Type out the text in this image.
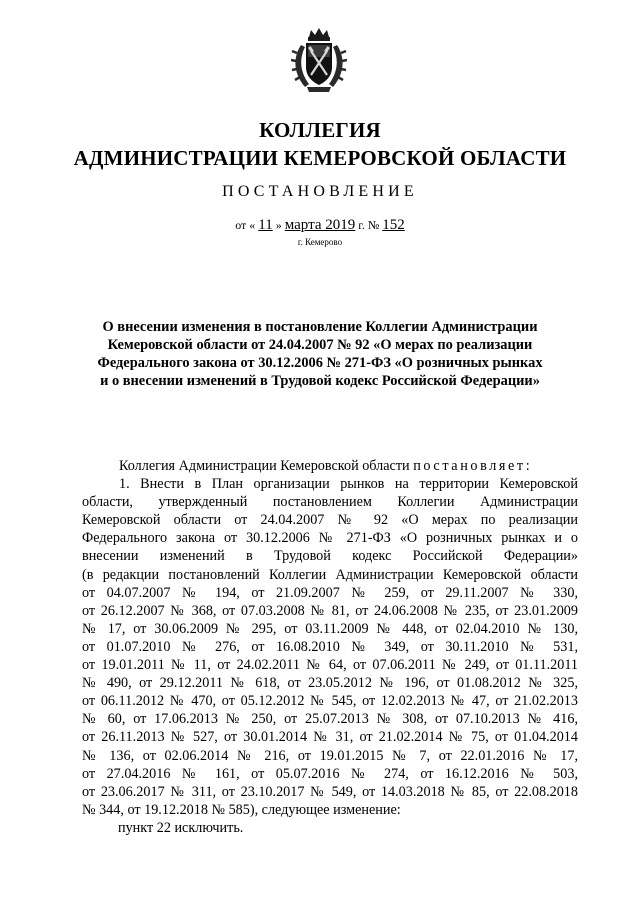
КОЛЛЕГИЯ
АДМИНИСТРАЦИИ КЕМЕРОВСКОЙ ОБЛАСТИ
ПОСТАНОВЛЕНИЕ
от « 11 » марта 2019 г. № 152
г. Кемерово
О внесении изменения в постановление Коллегии Администрации
Кемеровской области от 24.04.2007 № 92 «О мерах по реализации
Федерального закона от 30.12.2006 № 271-ФЗ «О розничных рынках
и о внесении изменений в Трудовой кодекс Российской Федерации»
Коллегия Администрации Кемеровской области постановляет:
1. Внести в План организации рынков на территории Кемеровской
области, утвержденный постановлением Коллегии Администрации
Кемеровской области от 24.04.2007 № 92 «О мерах по реализации
Федерального закона от 30.12.2006 № 271-ФЗ «О розничных рынках и о
внесении изменений в Трудовой кодекс Российской Федерации»
(в редакции постановлений Коллегии Администрации Кемеровской области
от 04.07.2007 № 194, от 21.09.2007 № 259, от 29.11.2007 № 330,
от 26.12.2007 № 368, от 07.03.2008 № 81, от 24.06.2008 № 235, от 23.01.2009
№ 17, от 30.06.2009 № 295, от 03.11.2009 № 448, от 02.04.2010 № 130,
от 01.07.2010 № 276, от 16.08.2010 № 349, от 30.11.2010 № 531,
от 19.01.2011 № 11, от 24.02.2011 № 64, от 07.06.2011 № 249, от 01.11.2011
№ 490, от 29.12.2011 № 618, от 23.05.2012 № 196, от 01.08.2012 № 325,
от 06.11.2012 № 470, от 05.12.2012 № 545, от 12.02.2013 № 47, от 21.02.2013
№ 60, от 17.06.2013 № 250, от 25.07.2013 № 308, от 07.10.2013 № 416,
от 26.11.2013 № 527, от 30.01.2014 № 31, от 21.02.2014 № 75, от 01.04.2014
№ 136, от 02.06.2014 № 216, от 19.01.2015 № 7, от 22.01.2016 № 17,
от 27.04.2016 № 161, от 05.07.2016 № 274, от 16.12.2016 № 503,
от 23.06.2017 № 311, от 23.10.2017 № 549, от 14.03.2018 № 85, от 22.08.2018
№ 344, от 19.12.2018 № 585), следующее изменение:
пункт 22 исключить.
